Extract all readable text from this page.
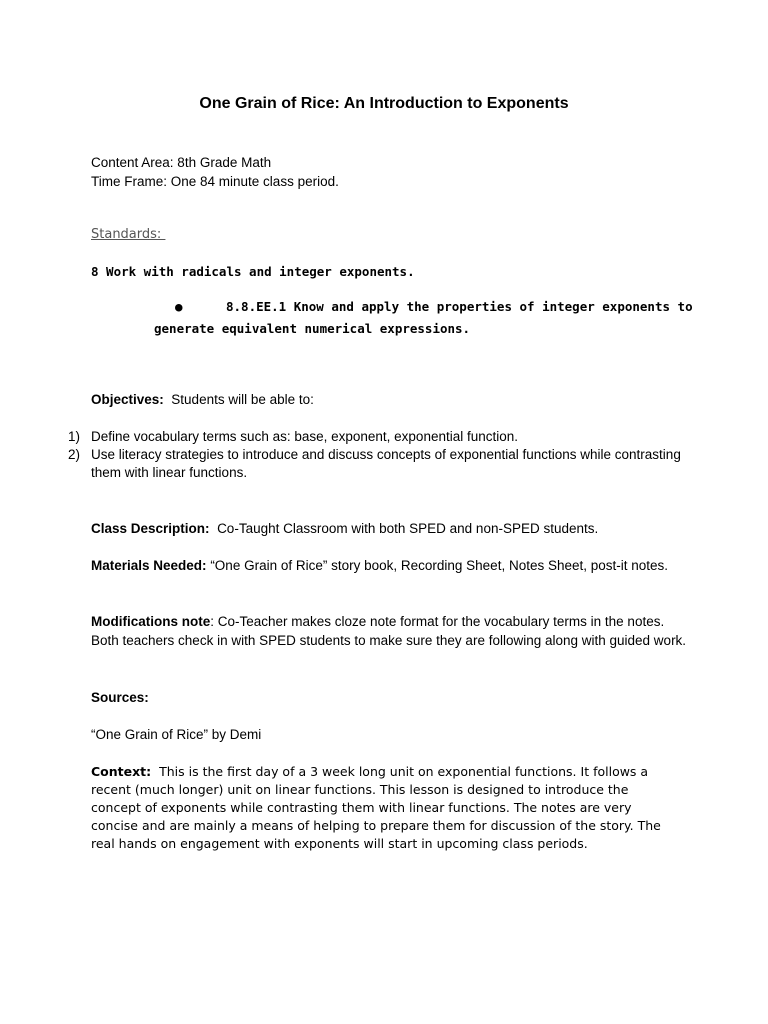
One Grain of Rice: An Introduction to Exponents
Content Area: 8th Grade Math
Time Frame: One 84 minute class period.
Standards:
8 Work with radicals and integer exponents.
●	8.8.EE.1 Know and apply the properties of integer exponents to
generate equivalent numerical expressions.
Objectives: Students will be able to:
1) Define vocabulary terms such as: base, exponent, exponential function.
2) Use literacy strategies to introduce and discuss concepts of exponential functions while contrasting them with linear functions.
Class Description: Co-Taught Classroom with both SPED and non-SPED students.
Materials Needed: “One Grain of Rice” story book, Recording Sheet, Notes Sheet, post-it notes.
Modifications note: Co-Teacher makes cloze note format for the vocabulary terms in the notes. Both teachers check in with SPED students to make sure they are following along with guided work.
Sources:
“One Grain of Rice” by Demi
Context: This is the first day of a 3 week long unit on exponential functions. It follows a recent (much longer) unit on linear functions. This lesson is designed to introduce the concept of exponents while contrasting them with linear functions. The notes are very concise and are mainly a means of helping to prepare them for discussion of the story. The real hands on engagement with exponents will start in upcoming class periods.
